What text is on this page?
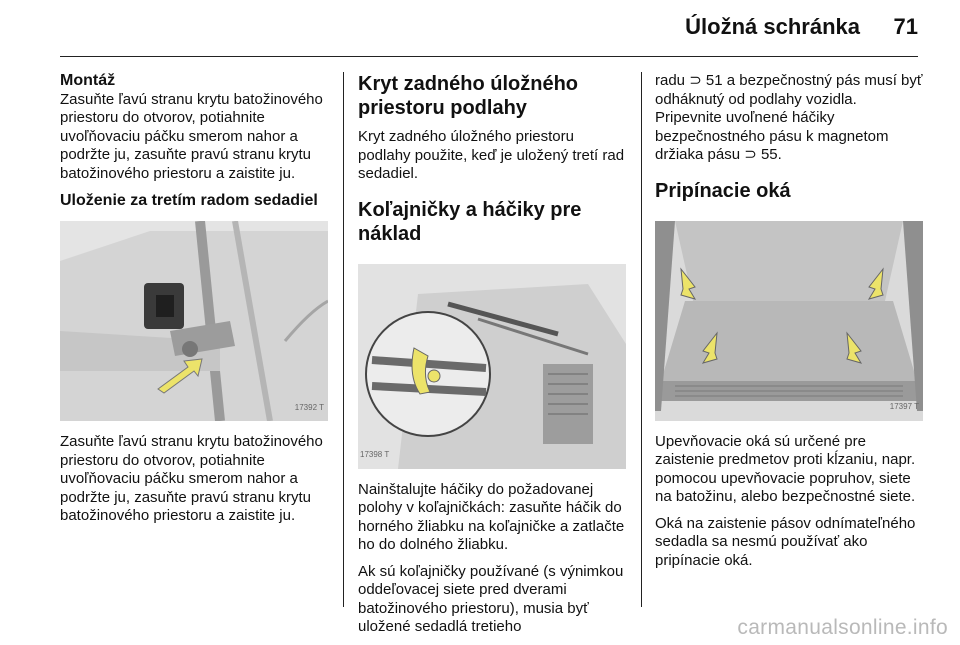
Úložná schránka 71
Montáž

Zasuňte ľavú stranu krytu batožinového priestoru do otvorov, potiahnite uvoľňovaciu páčku smerom nahor a podržte ju, zasuňte pravú stranu krytu batožinového priestoru a zaistite ju.

Uloženie za tretím radom sedadiel
17392 T

Zasuňte ľavú stranu krytu batožinového priestoru do otvorov, potiahnite uvoľňovaciu páčku smerom nahor a podržte ju, zasuňte pravú stranu krytu batožinového priestoru a zaistite ju.

Kryt zadného úložného priestoru podlahy

Kryt zadného úložného priestoru podlahy použite, keď je uložený tretí rad sedadiel.

Koľajničky a háčiky pre náklad
17398 T

Nainštalujte háčiky do požadovanej polohy v koľajničkách: zasuňte háčik do horného žliabku na koľajničke a zatlačte ho do dolného žliabku.

Ak sú koľajničky používané (s výnimkou oddeľovacej siete pred dverami batožinového priestoru), musia byť uložené sedadlá tretieho

radu ⊃ 51 a bezpečnostný pás musí byť odháknutý od podlahy vozidla. Pripevnite uvoľnené háčiky bezpečnostného pásu k magnetom držiaka pásu ⊃ 55.

Pripínacie oká
17397 T

Upevňovacie oká sú určené pre zaistenie predmetov proti kĺzaniu, napr. pomocou upevňovacie popruhov, siete na batožinu, alebo bezpečnostné siete.

Oká na zaistenie pásov odnímateľného sedadla sa nesmú používať ako pripínacie oká.

carmanualsonline.info
